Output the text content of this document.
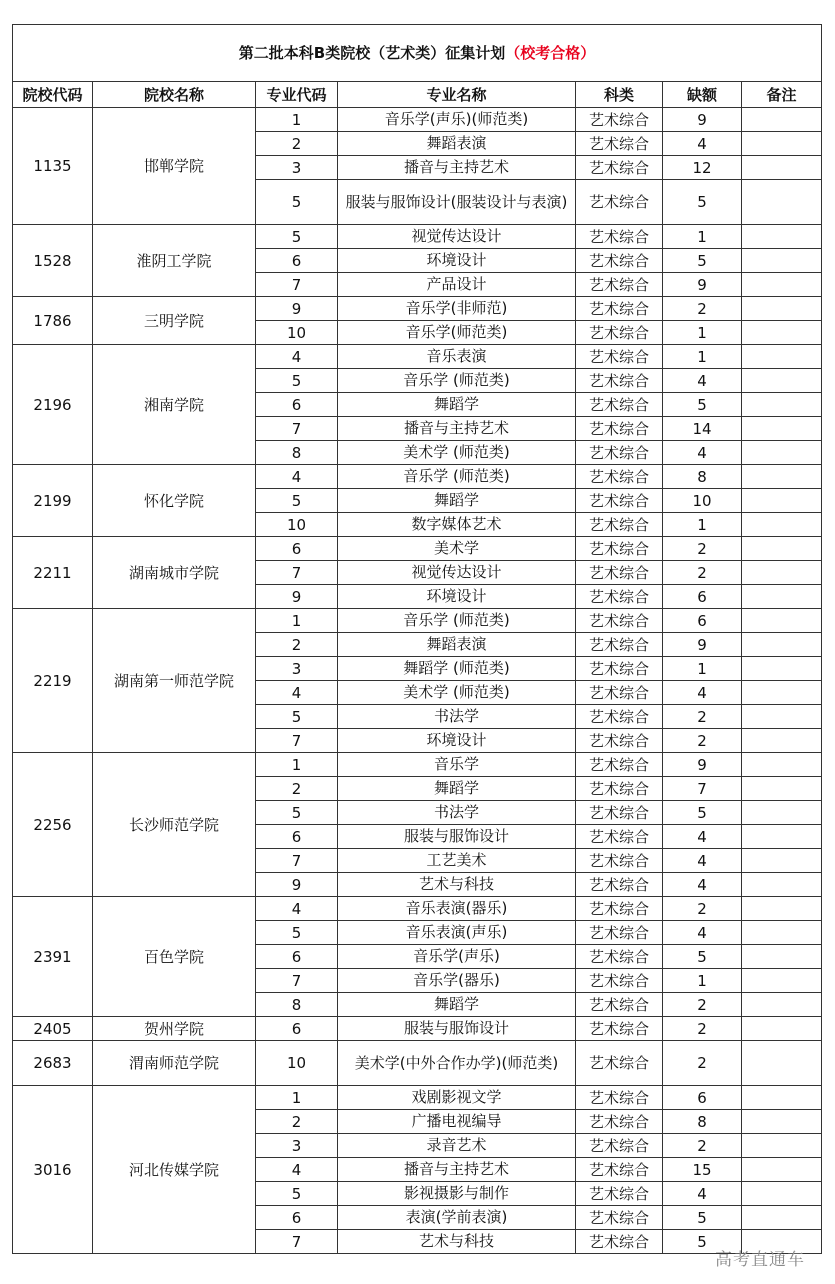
第二批本科B类院校（艺术类）征集计划（校考合格）						
院校代码	院校名称	专业代码	专业名称	科类	缺额	备注
1135	邯郸学院	1	音乐学(声乐)(师范类)	艺术综合	9	
		2	舞蹈表演	艺术综合	4	
		3	播音与主持艺术	艺术综合	12	
		5	服装与服饰设计(服装设计与表演)	艺术综合	5	
1528	淮阴工学院	5	视觉传达设计	艺术综合	1	
		6	环境设计	艺术综合	5	
		7	产品设计	艺术综合	9	
1786	三明学院	9	音乐学(非师范)	艺术综合	2	
		10	音乐学(师范类)	艺术综合	1	
2196	湘南学院	4	音乐表演	艺术综合	1	
		5	音乐学 (师范类)	艺术综合	4	
		6	舞蹈学	艺术综合	5	
		7	播音与主持艺术	艺术综合	14	
		8	美术学 (师范类)	艺术综合	4	
2199	怀化学院	4	音乐学 (师范类)	艺术综合	8	
		5	舞蹈学	艺术综合	10	
		10	数字媒体艺术	艺术综合	1	
2211	湖南城市学院	6	美术学	艺术综合	2	
		7	视觉传达设计	艺术综合	2	
		9	环境设计	艺术综合	6	
2219	湖南第一师范学院	1	音乐学 (师范类)	艺术综合	6	
		2	舞蹈表演	艺术综合	9	
		3	舞蹈学 (师范类)	艺术综合	1	
		4	美术学 (师范类)	艺术综合	4	
		5	书法学	艺术综合	2	
		7	环境设计	艺术综合	2	
2256	长沙师范学院	1	音乐学	艺术综合	9	
		2	舞蹈学	艺术综合	7	
		5	书法学	艺术综合	5	
		6	服装与服饰设计	艺术综合	4	
		7	工艺美术	艺术综合	4	
		9	艺术与科技	艺术综合	4	
2391	百色学院	4	音乐表演(器乐)	艺术综合	2	
		5	音乐表演(声乐)	艺术综合	4	
		6	音乐学(声乐)	艺术综合	5	
		7	音乐学(器乐)	艺术综合	1	
		8	舞蹈学	艺术综合	2	
2405	贺州学院	6	服装与服饰设计	艺术综合	2	
2683	渭南师范学院	10	美术学(中外合作办学)(师范类)	艺术综合	2	
3016	河北传媒学院	1	戏剧影视文学	艺术综合	6	
		2	广播电视编导	艺术综合	8	
		3	录音艺术	艺术综合	2	
		4	播音与主持艺术	艺术综合	15	
		5	影视摄影与制作	艺术综合	4	
		6	表演(学前表演)	艺术综合	5	
		7	艺术与科技	艺术综合	5	
高考直通车
